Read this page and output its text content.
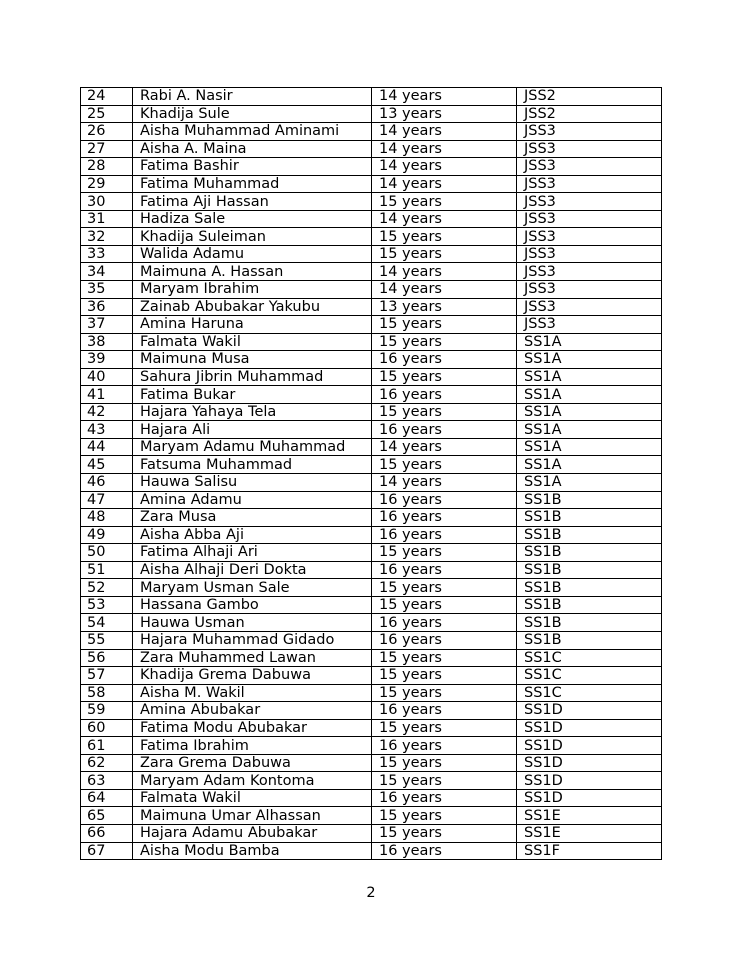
24	Rabi A. Nasir	14 years	JSS2
25	Khadija Sule	13 years	JSS2
26	Aisha Muhammad Aminami	14 years	JSS3
27	Aisha A. Maina	14 years	JSS3
28	Fatima Bashir	14 years	JSS3
29	Fatima Muhammad	14 years	JSS3
30	Fatima Aji Hassan	15 years	JSS3
31	Hadiza Sale	14 years	JSS3
32	Khadija Suleiman	15 years	JSS3
33	Walida Adamu	15 years	JSS3
34	Maimuna A. Hassan	14 years	JSS3
35	Maryam Ibrahim	14 years	JSS3
36	Zainab Abubakar Yakubu	13 years	JSS3
37	Amina Haruna	15 years	JSS3
38	Falmata Wakil	15 years	SS1A
39	Maimuna Musa	16 years	SS1A
40	Sahura Jibrin Muhammad	15 years	SS1A
41	Fatima Bukar	16 years	SS1A
42	Hajara Yahaya Tela	15 years	SS1A
43	Hajara Ali	16 years	SS1A
44	Maryam Adamu Muhammad	14 years	SS1A
45	Fatsuma Muhammad	15 years	SS1A
46	Hauwa Salisu	14 years	SS1A
47	Amina Adamu	16 years	SS1B
48	Zara Musa	16 years	SS1B
49	Aisha Abba Aji	16 years	SS1B
50	Fatima Alhaji Ari	15 years	SS1B
51	Aisha Alhaji Deri Dokta	16 years	SS1B
52	Maryam Usman Sale	15 years	SS1B
53	Hassana Gambo	15 years	SS1B
54	Hauwa Usman	16 years	SS1B
55	Hajara Muhammad Gidado	16 years	SS1B
56	Zara Muhammed Lawan	15 years	SS1C
57	Khadija Grema Dabuwa	15 years	SS1C
58	Aisha M. Wakil	15 years	SS1C
59	Amina Abubakar	16 years	SS1D
60	Fatima Modu Abubakar	15 years	SS1D
61	Fatima Ibrahim	16 years	SS1D
62	Zara Grema Dabuwa	15 years	SS1D
63	Maryam Adam Kontoma	15 years	SS1D
64	Falmata Wakil	16 years	SS1D
65	Maimuna Umar Alhassan	15 years	SS1E
66	Hajara Adamu Abubakar	15 years	SS1E
67	Aisha Modu Bamba	16 years	SS1F
2
